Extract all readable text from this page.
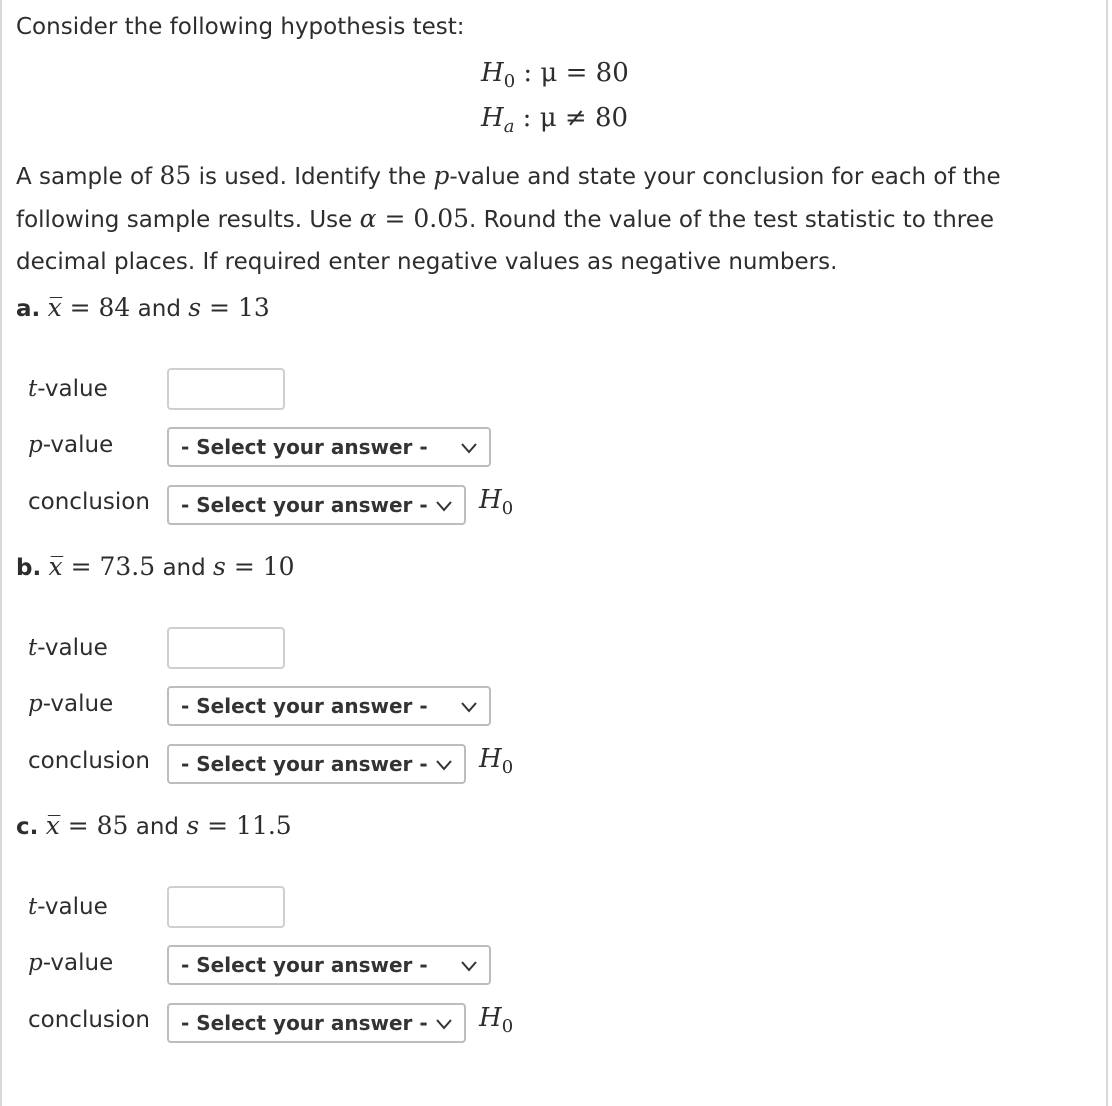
Consider the following hypothesis test:
$H_0$ : μ = 80
$H_a$ : μ ≠ 80
A sample of 85 is used. Identify the p-value and state your conclusion for each of the following sample results. Use α = 0.05. Round the value of the test statistic to three decimal places. If required enter negative values as negative numbers.
a. x̅ = 84 and s = 13
t-value
p-value	- Select your answer -
conclusion	- Select your answer -	$H_0$
b. x̅ = 73.5 and s = 10
t-value
p-value	- Select your answer -
conclusion	- Select your answer -	$H_0$
c. x̅ = 85 and s = 11.5
t-value
p-value	- Select your answer -
conclusion	- Select your answer -	$H_0$
